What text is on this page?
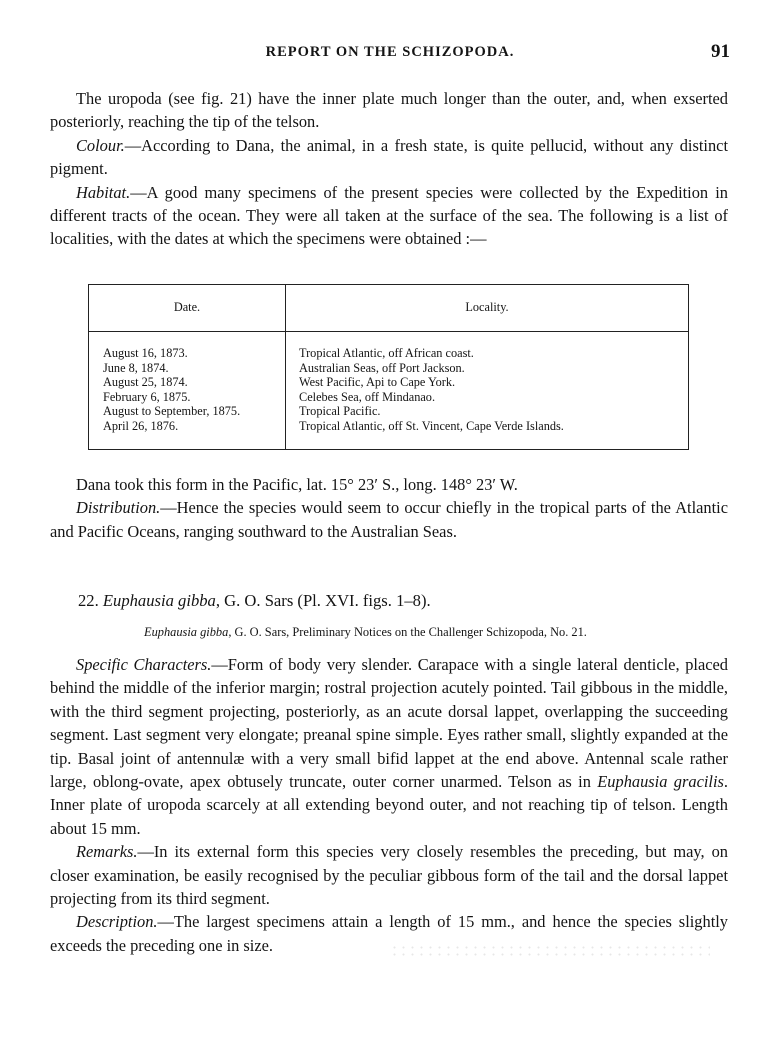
REPORT ON THE SCHIZOPODA.	91

The uropoda (see fig. 21) have the inner plate much longer than the outer, and, when exserted posteriorly, reaching the tip of the telson.

Colour.—According to Dana, the animal, in a fresh state, is quite pellucid, without any distinct pigment.

Habitat.—A good many specimens of the present species were collected by the Expedition in different tracts of the ocean. They were all taken at the surface of the sea. The following is a list of localities, with the dates at which the specimens were obtained :—

Date.	Locality.
August 16, 1873.
June 8, 1874.
August 25, 1874.
February 6, 1875.
August to September, 1875.
April 26, 1876.
Tropical Atlantic, off African coast.
Australian Seas, off Port Jackson.
West Pacific, Api to Cape York.
Celebes Sea, off Mindanao.
Tropical Pacific.
Tropical Atlantic, off St. Vincent, Cape Verde Islands.

Dana took this form in the Pacific, lat. 15° 23′ S., long. 148° 23′ W.

Distribution.—Hence the species would seem to occur chiefly in the tropical parts of the Atlantic and Pacific Oceans, ranging southward to the Australian Seas.

22. Euphausia gibba, G. O. Sars (Pl. XVI. figs. 1–8).
Euphausia gibba, G. O. Sars, Preliminary Notices on the Challenger Schizopoda, No. 21.

Specific Characters.—Form of body very slender. Carapace with a single lateral denticle, placed behind the middle of the inferior margin; rostral projection acutely pointed. Tail gibbous in the middle, with the third segment projecting, posteriorly, as an acute dorsal lappet, overlapping the succeeding segment. Last segment very elongate; preanal spine simple. Eyes rather small, slightly expanded at the tip. Basal joint of antennulæ with a very small bifid lappet at the end above. Antennal scale rather large, oblong-ovate, apex obtusely truncate, outer corner unarmed. Telson as in Euphausia gracilis. Inner plate of uropoda scarcely at all extending beyond outer, and not reaching tip of telson. Length about 15 mm.

Remarks.—In its external form this species very closely resembles the preceding, but may, on closer examination, be easily recognised by the peculiar gibbous form of the tail and the dorsal lappet projecting from its third segment.

Description.—The largest specimens attain a length of 15 mm., and hence the species slightly exceeds the preceding one in size.
